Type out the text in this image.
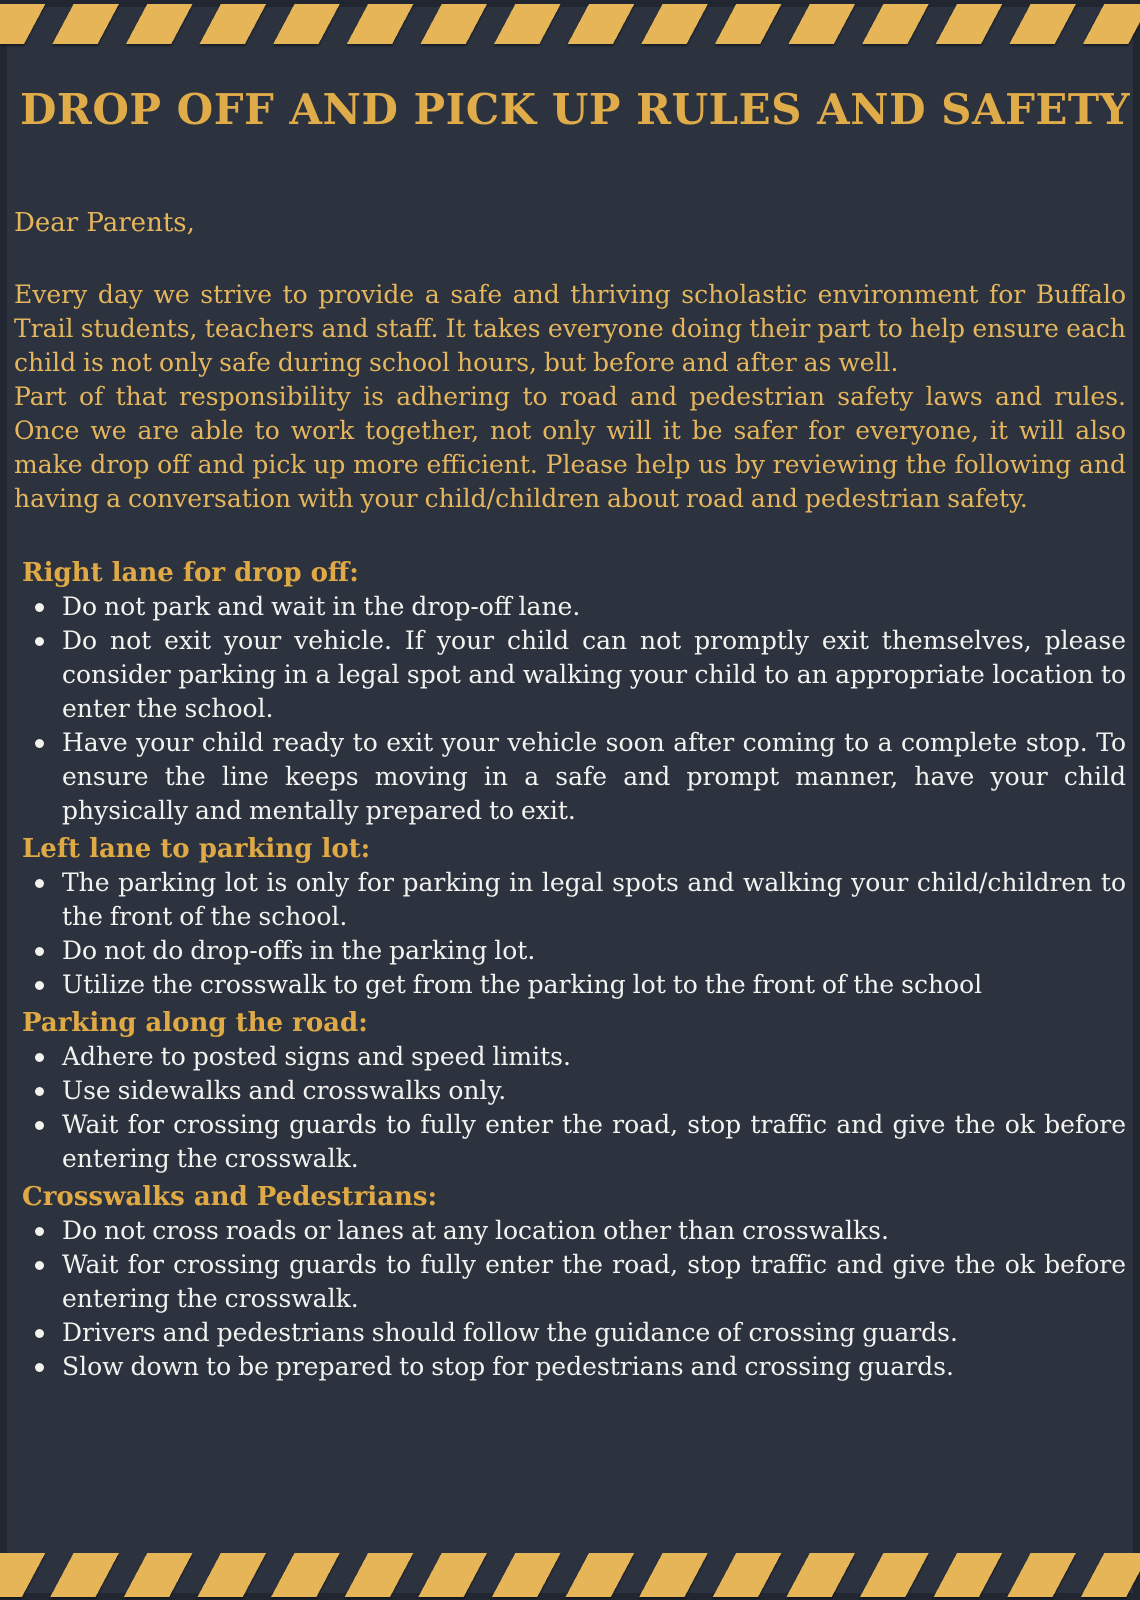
DROP OFF AND PICK UP RULES AND SAFETY
Dear Parents,

Every day we strive to provide a safe and thriving scholastic environment for Buffalo Trail students, teachers and staff. It takes everyone doing their part to help ensure each child is not only safe during school hours, but before and after as well.

Part of that responsibility is adhering to road and pedestrian safety laws and rules. Once we are able to work together, not only will it be safer for everyone, it will also make drop off and pick up more efficient. Please help us by reviewing the following and having a conversation with your child/children about road and pedestrian safety.

Right lane for drop off:
Do not park and wait in the drop-off lane.
Do not exit your vehicle. If your child can not promptly exit themselves, please consider parking in a legal spot and walking your child to an appropriate location to enter the school.
Have your child ready to exit your vehicle soon after coming to a complete stop. To ensure the line keeps moving in a safe and prompt manner, have your child physically and mentally prepared to exit.
Left lane to parking lot:
The parking lot is only for parking in legal spots and walking your child/children to the front of the school.
Do not do drop-offs in the parking lot.
Utilize the crosswalk to get from the parking lot to the front of the school
Parking along the road:
Adhere to posted signs and speed limits.
Use sidewalks and crosswalks only.
Wait for crossing guards to fully enter the road, stop traffic and give the ok before entering the crosswalk.
Crosswalks and Pedestrians:
Do not cross roads or lanes at any location other than crosswalks.
Wait for crossing guards to fully enter the road, stop traffic and give the ok before entering the crosswalk.
Drivers and pedestrians should follow the guidance of crossing guards.
Slow down to be prepared to stop for pedestrians and crossing guards.
